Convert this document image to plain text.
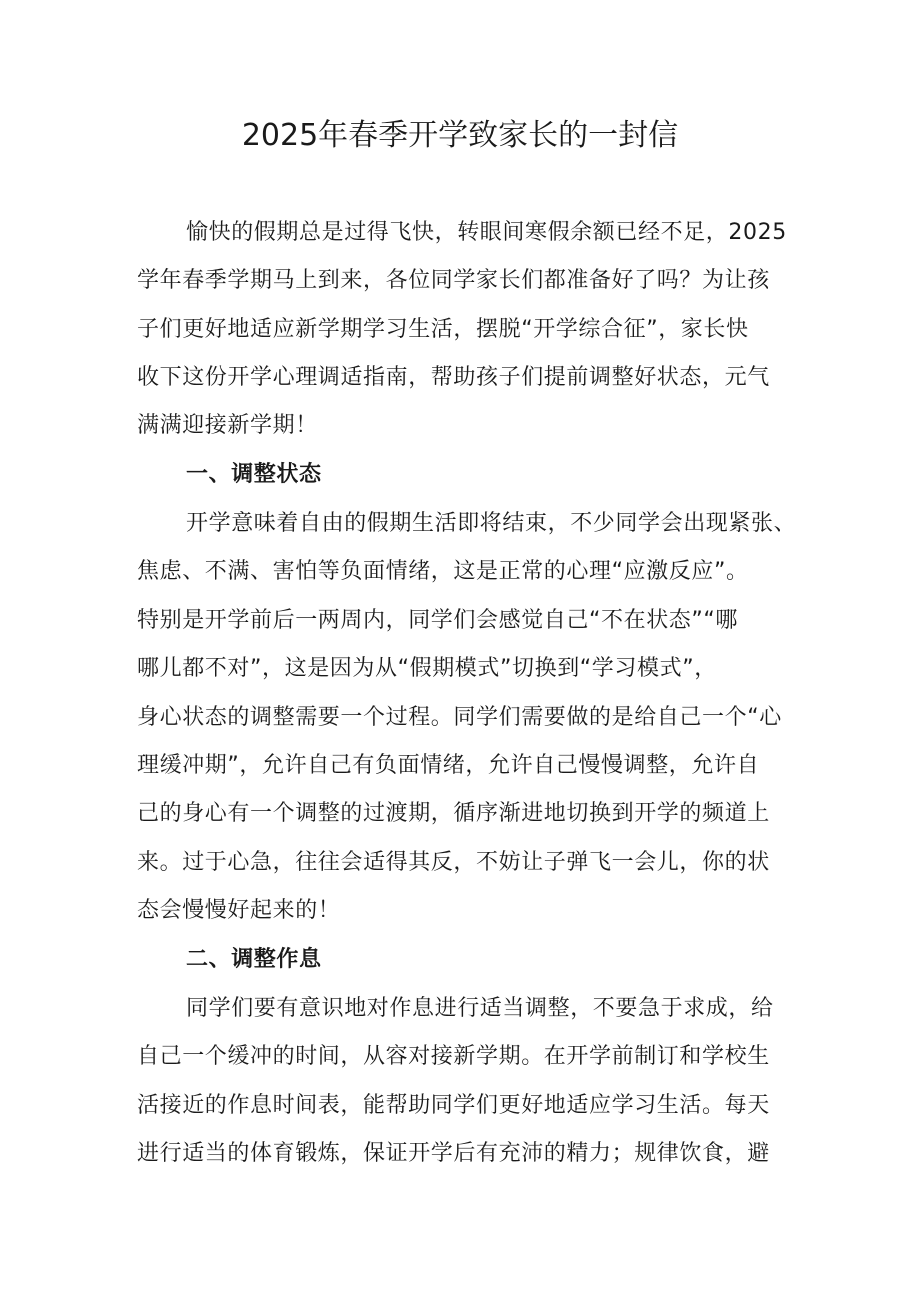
2025年春季开学致家长的一封信
愉快的假期总是过得飞快，转眼间寒假余额已经不足，2025
学年春季学期马上到来，各位同学家长们都准备好了吗？为让孩
子们更好地适应新学期学习生活，摆脱“开学综合征”，家长快
收下这份开学心理调适指南，帮助孩子们提前调整好状态，元气
满满迎接新学期！
一、调整状态
开学意味着自由的假期生活即将结束，不少同学会出现紧张、
焦虑、不满、害怕等负面情绪，这是正常的心理“应激反应”。
特别是开学前后一两周内，同学们会感觉自己“不在状态”“哪
哪儿都不对”，这是因为从“假期模式”切换到“学习模式”，
身心状态的调整需要一个过程。同学们需要做的是给自己一个“心
理缓冲期”，允许自己有负面情绪，允许自己慢慢调整，允许自
己的身心有一个调整的过渡期，循序渐进地切换到开学的频道上
来。过于心急，往往会适得其反，不妨让子弹飞一会儿，你的状
态会慢慢好起来的！
二、调整作息
同学们要有意识地对作息进行适当调整，不要急于求成，给
自己一个缓冲的时间，从容对接新学期。在开学前制订和学校生
活接近的作息时间表，能帮助同学们更好地适应学习生活。每天
进行适当的体育锻炼，保证开学后有充沛的精力；规律饮食，避
